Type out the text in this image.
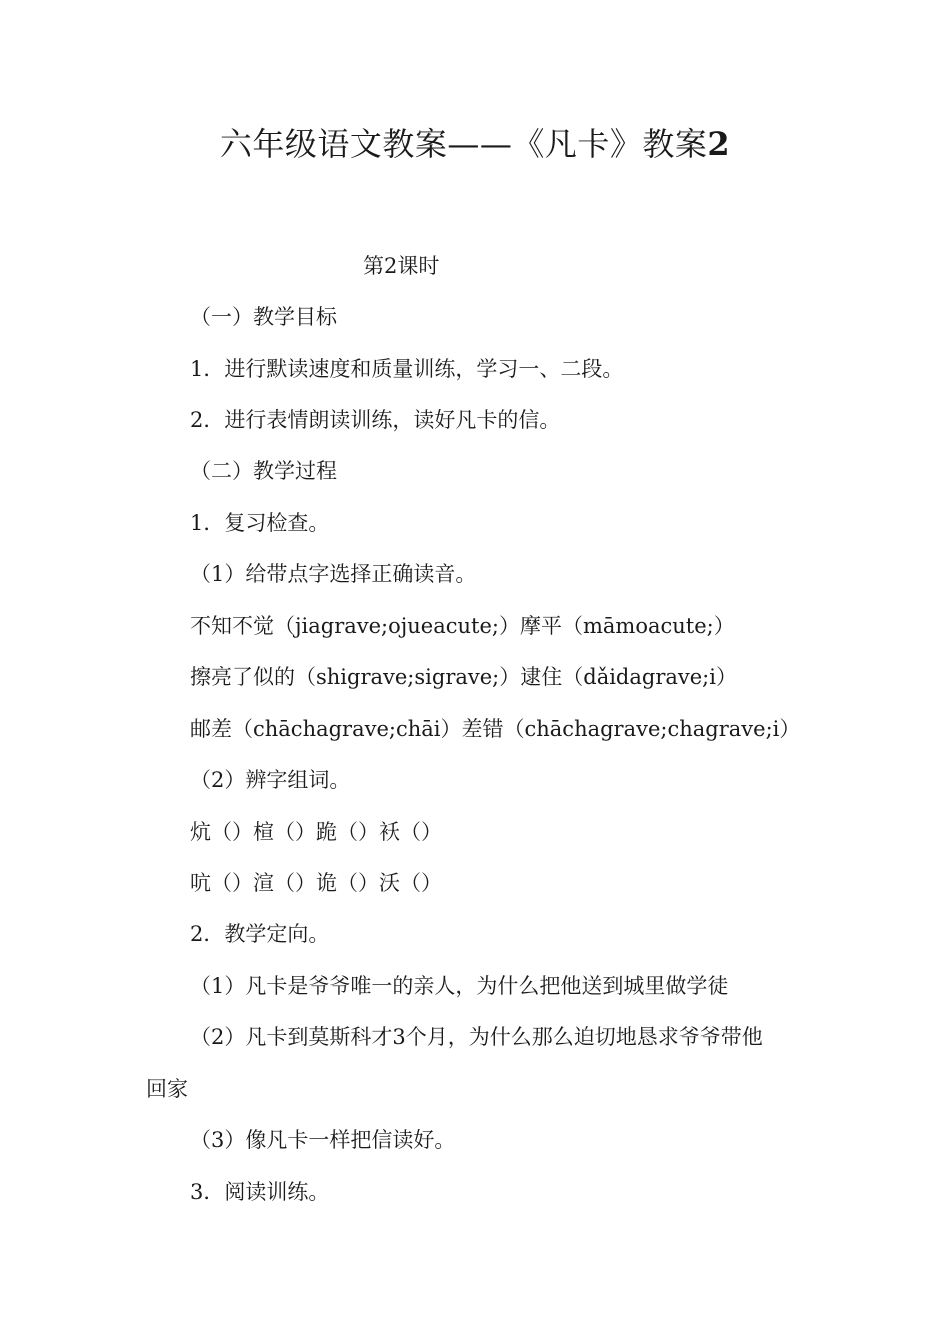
六年级语文教案——《凡卡》教案2
第2课时
（一）教学目标
1．进行默读速度和质量训练，学习一、二段。
2．进行表情朗读训练，读好凡卡的信。
（二）教学过程
1．复习检查。
（1）给带点字选择正确读音。
不知不觉（jiagrave;ojueacute;）摩平（māmoacute;）
擦亮了似的（shigrave;sigrave;）逮住（dǎidagrave;i）
邮差（chāchagrave;chāi）差错（chāchagrave;chagrave;i）
（2）辨字组词。
炕（）楦（）跪（）袄（）
吭（）渲（）诡（）沃（）
2．教学定向。
（1）凡卡是爷爷唯一的亲人，为什么把他送到城里做学徒
（2）凡卡到莫斯科才3个月，为什么那么迫切地恳求爷爷带他
回家
（3）像凡卡一样把信读好。
3．阅读训练。
